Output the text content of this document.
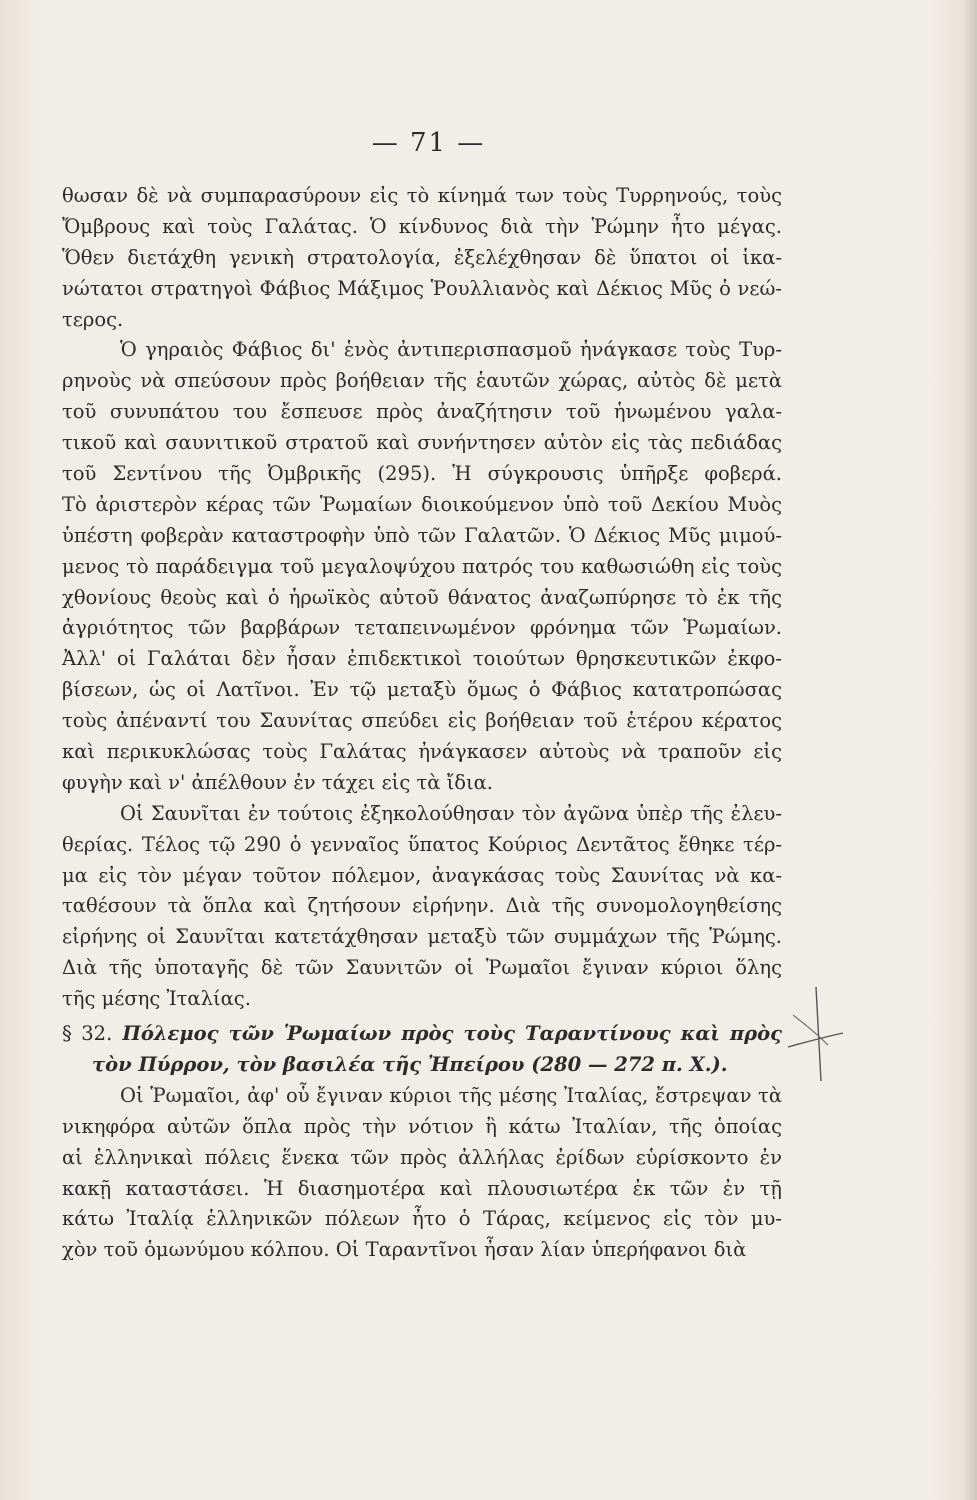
— 71 —
θωσαν δὲ νὰ συμπαρασύρουν εἰς τὸ κίνημά των τοὺς Τυρρηνούς, τοὺς
Ὄμβρους καὶ τοὺς Γαλάτας. Ὁ κίνδυνος διὰ τὴν Ῥώμην ἦτο μέγας.
Ὅθεν διετάχθη γενικὴ στρατολογία, ἐξελέχθησαν δὲ ὕπατοι οἱ ἱκα-
νώτατοι στρατηγοὶ Φάβιος Μάξιμος Ῥουλλιανὸς καὶ Δέκιος Μῦς ὁ νεώ-
τερος.
Ὁ γηραιὸς Φάβιος δι' ἑνὸς ἀντιπερισπασμοῦ ἠνάγκασε τοὺς Τυρ-
ρηνοὺς νὰ σπεύσουν πρὸς βοήθειαν τῆς ἑαυτῶν χώρας, αὐτὸς δὲ μετὰ
τοῦ συνυπάτου του ἔσπευσε πρὸς ἀναζήτησιν τοῦ ἡνωμένου γαλα-
τικοῦ καὶ σαυνιτικοῦ στρατοῦ καὶ συνήντησεν αὐτὸν εἰς τὰς πεδιάδας
τοῦ Σεντίνου τῆς Ὀμβρικῆς (295). Ἡ σύγκρουσις ὑπῆρξε φοβερά.
Τὸ ἀριστερὸν κέρας τῶν Ῥωμαίων διοικούμενον ὑπὸ τοῦ Δεκίου Μυὸς
ὑπέστη φοβερὰν καταστροφὴν ὑπὸ τῶν Γαλατῶν. Ὁ Δέκιος Μῦς μιμού-
μενος τὸ παράδειγμα τοῦ μεγαλοψύχου πατρός του καθωσιώθη εἰς τοὺς
χθονίους θεοὺς καὶ ὁ ἡρωϊκὸς αὐτοῦ θάνατος ἀναζωπύρησε τὸ ἐκ τῆς
ἀγριότητος τῶν βαρβάρων τεταπεινωμένον φρόνημα τῶν Ῥωμαίων.
Ἀλλ' οἱ Γαλάται δὲν ἦσαν ἐπιδεκτικοὶ τοιούτων θρησκευτικῶν ἐκφο-
βίσεων, ὡς οἱ Λατῖνοι. Ἐν τῷ μεταξὺ ὅμως ὁ Φάβιος κατατροπώσας
τοὺς ἀπέναντί του Σαυνίτας σπεύδει εἰς βοήθειαν τοῦ ἑτέρου κέρατος
καὶ περικυκλώσας τοὺς Γαλάτας ἠνάγκασεν αὐτοὺς νὰ τραποῦν εἰς
φυγὴν καὶ ν' ἀπέλθουν ἐν τάχει εἰς τὰ ἴδια.
Οἱ Σαυνῖται ἐν τούτοις ἐξηκολούθησαν τὸν ἀγῶνα ὑπὲρ τῆς ἐλευ-
θερίας. Τέλος τῷ 290 ὁ γενναῖος ὕπατος Κούριος Δεντᾶτος ἔθηκε τέρ-
μα εἰς τὸν μέγαν τοῦτον πόλεμον, ἀναγκάσας τοὺς Σαυνίτας νὰ κα-
ταθέσουν τὰ ὅπλα καὶ ζητήσουν εἰρήνην. Διὰ τῆς συνομολογηθείσης
εἰρήνης οἱ Σαυνῖται κατετάχθησαν μεταξὺ τῶν συμμάχων τῆς Ῥώμης.
Διὰ τῆς ὑποταγῆς δὲ τῶν Σαυνιτῶν οἱ Ῥωμαῖοι ἔγιναν κύριοι ὅλης
τῆς μέσης Ἰταλίας.
§ 32. Πόλεμος τῶν Ῥωμαίων πρὸς τοὺς Ταραντίνους καὶ πρὸς
τὸν Πύρρον, τὸν βασιλέα τῆς Ἠπείρου (280 — 272 π. Χ.).
Οἱ Ῥωμαῖοι, ἀφ' οὗ ἔγιναν κύριοι τῆς μέσης Ἰταλίας, ἔστρεψαν τὰ
νικηφόρα αὐτῶν ὅπλα πρὸς τὴν νότιον ἢ κάτω Ἰταλίαν, τῆς ὁποίας
αἱ ἑλληνικαὶ πόλεις ἕνεκα τῶν πρὸς ἀλλήλας ἐρίδων εὑρίσκοντο ἐν
κακῇ καταστάσει. Ἡ διασημοτέρα καὶ πλουσιωτέρα ἐκ τῶν ἐν τῇ
κάτω Ἰταλίᾳ ἑλληνικῶν πόλεων ἦτο ὁ Τάρας, κείμενος εἰς τὸν μυ-
χὸν τοῦ ὁμωνύμου κόλπου. Οἱ Ταραντῖνοι ἦσαν λίαν ὑπερήφανοι διὰ
